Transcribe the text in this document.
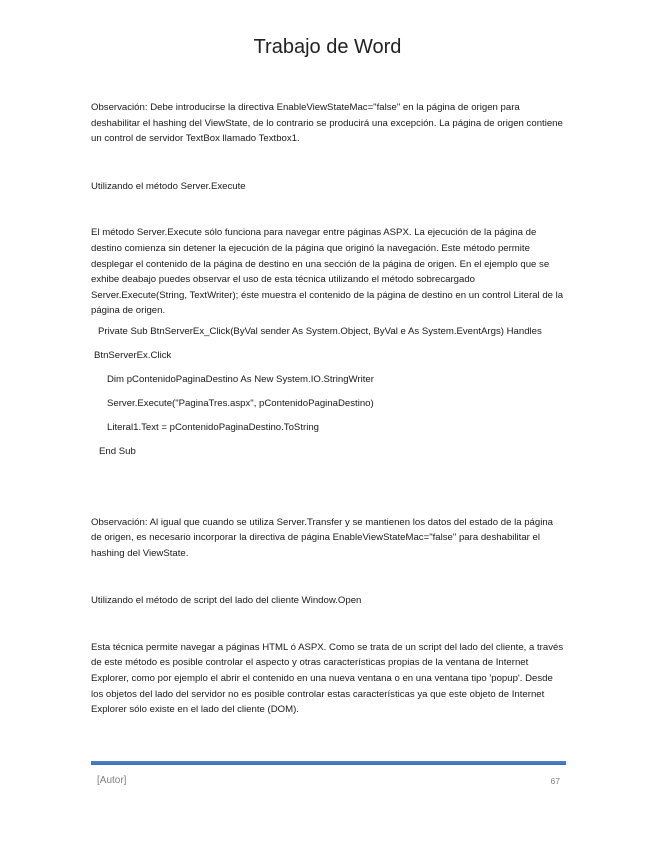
Trabajo de Word

Observación: Debe introducirse la directiva EnableViewStateMac="false" en la página de origen para deshabilitar el hashing del ViewState, de lo contrario se producirá una excepción. La página de origen contiene un control de servidor TextBox llamado Textbox1.

Utilizando el método Server.Execute

El método Server.Execute sólo funciona para navegar entre páginas ASPX. La ejecución de la página de destino comienza sin detener la ejecución de la página que originó la navegación. Este método permite desplegar el contenido de la página de destino en una sección de la página de origen. En el ejemplo que se exhibe deabajo puedes observar el uso de esta técnica utilizando el método sobrecargado Server.Execute(String, TextWriter); éste muestra el contenido de la página de destino en un control Literal de la página de origen.

Private Sub BtnServerEx_Click(ByVal sender As System.Object, ByVal e As System.EventArgs) Handles

BtnServerEx.Click

Dim pContenidoPaginaDestino As New System.IO.StringWriter

Server.Execute("PaginaTres.aspx", pContenidoPaginaDestino)

Literal1.Text = pContenidoPaginaDestino.ToString

End Sub

Observación: Al igual que cuando se utiliza Server.Transfer y se mantienen los datos del estado de la página de origen, es necesario incorporar la directiva de página EnableViewStateMac="false" para deshabilitar el hashing del ViewState.

Utilizando el método de script del lado del cliente Window.Open

Esta técnica permite navegar a páginas HTML ó ASPX. Como se trata de un script del lado del cliente, a través de este método es posible controlar el aspecto y otras características propias de la ventana de Internet Explorer, como por ejemplo el abrir el contenido en una nueva ventana o en una ventana tipo 'popup'. Desde los objetos del lado del servidor no es posible controlar estas características ya que este objeto de Internet Explorer sólo existe en el lado del cliente (DOM).

[Autor]	67
